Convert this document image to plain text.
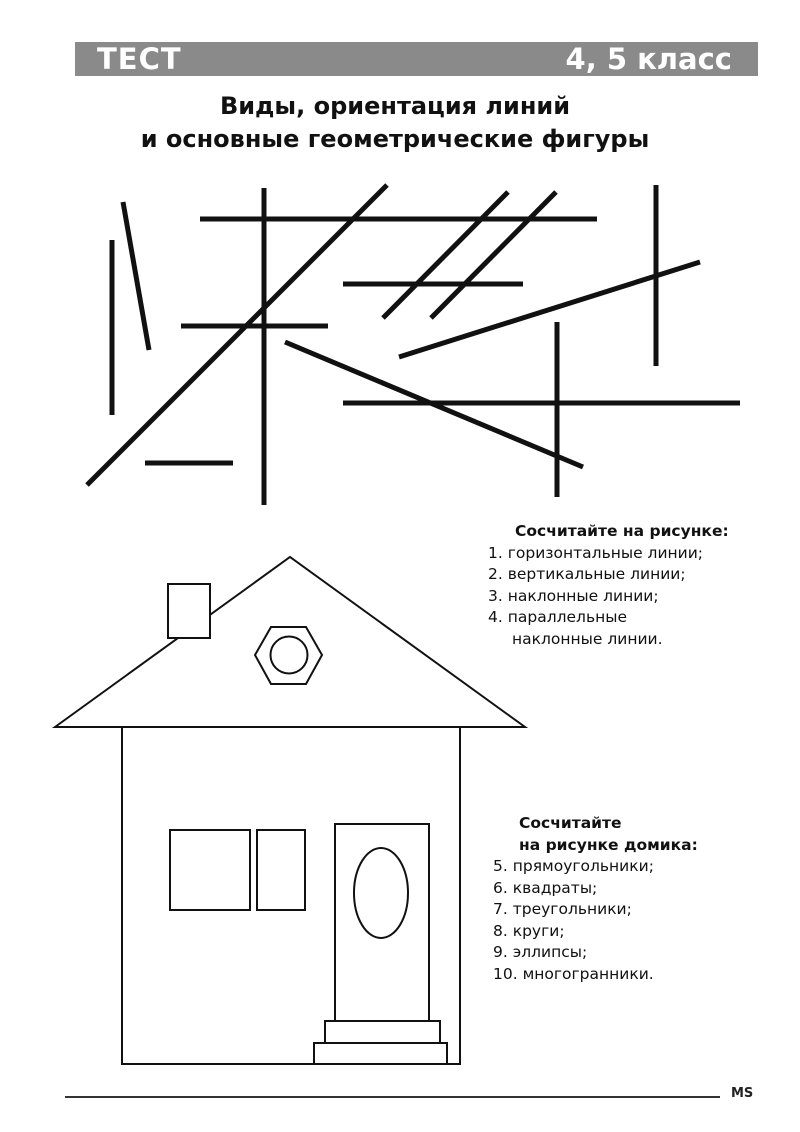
ТЕСТ	4, 5 класс
Виды, ориентация линий
и основные геометрические фигуры
Сосчитайте на рисунке:
1. горизонтальные линии;
2. вертикальные линии;
3. наклонные линии;
4. параллельные
наклонные линии.
Сосчитайте
на рисунке домика:
5. прямоугольники;
6. квадраты;
7. треугольники;
8. круги;
9. эллипсы;
10. многогранники.
MS
